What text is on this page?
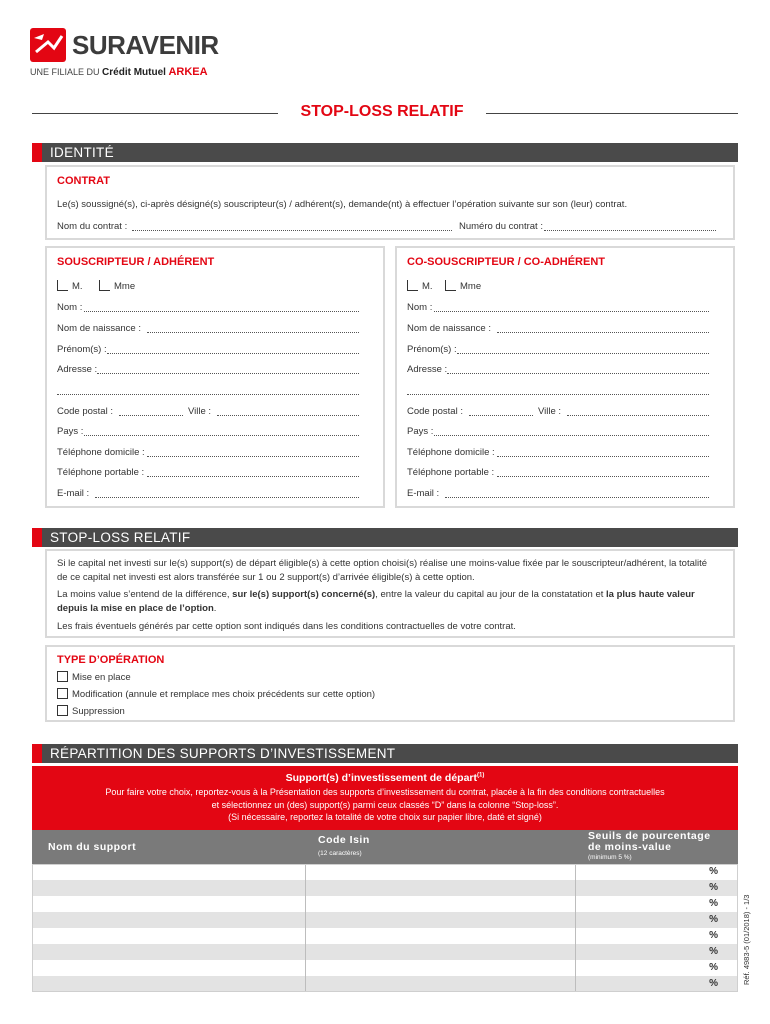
SURAVENIR
UNE FILIALE DU Crédit Mutuel ARKEA
STOP-LOSS RELATIF
IDENTITÉ
CONTRAT
Le(s) soussigné(s), ci-après désigné(s) souscripteur(s) / adhérent(s), demande(nt) à effectuer l’opération suivante sur son (leur) contrat.
Nom du contrat :	Numéro du contrat :
SOUSCRIPTEUR / ADHÉRENT
M.	Mme
Nom :
Nom de naissance :
Prénom(s) :
Adresse :
Code postal :	Ville :
Pays :
Téléphone domicile :
Téléphone portable :
E-mail :
CO-SOUSCRIPTEUR / CO-ADHÉRENT
M.	Mme
Nom :
Nom de naissance :
Prénom(s) :
Adresse :
Code postal :	Ville :
Pays :
Téléphone domicile :
Téléphone portable :
E-mail :
STOP-LOSS RELATIF
Si le capital net investi sur le(s) support(s) de départ éligible(s) à cette option choisi(s) réalise une moins-value fixée par le souscripteur/adhérent, la totalité
de ce capital net investi est alors transférée sur 1 ou 2 support(s) d’arrivée éligible(s) à cette option.
La moins value s’entend de la différence, sur le(s) support(s) concerné(s), entre la valeur du capital au jour de la constatation et la plus haute valeur
depuis la mise en place de l’option.
Les frais éventuels générés par cette option sont indiqués dans les conditions contractuelles de votre contrat.
TYPE D’OPÉRATION
Mise en place
Modification (annule et remplace mes choix précédents sur cette option)
Suppression
RÉPARTITION DES SUPPORTS D’INVESTISSEMENT
Support(s) d’investissement de départ$^{(1)}$
Pour faire votre choix, reportez-vous à la Présentation des supports d’investissement du contrat, placée à la fin des conditions contractuelles
et sélectionnez un (des) support(s) parmi ceux classés “D” dans la colonne “Stop-loss”.
(Si nécessaire, reportez la totalité de votre choix sur papier libre, daté et signé)
Nom du support
Code Isin
(12 caractères)
Seuils de pourcentage
de moins-value
(minimum 5 %)
%
%
%
%
%
%
%
%	Réf. 4983-5 (01/2018) - 1/3
